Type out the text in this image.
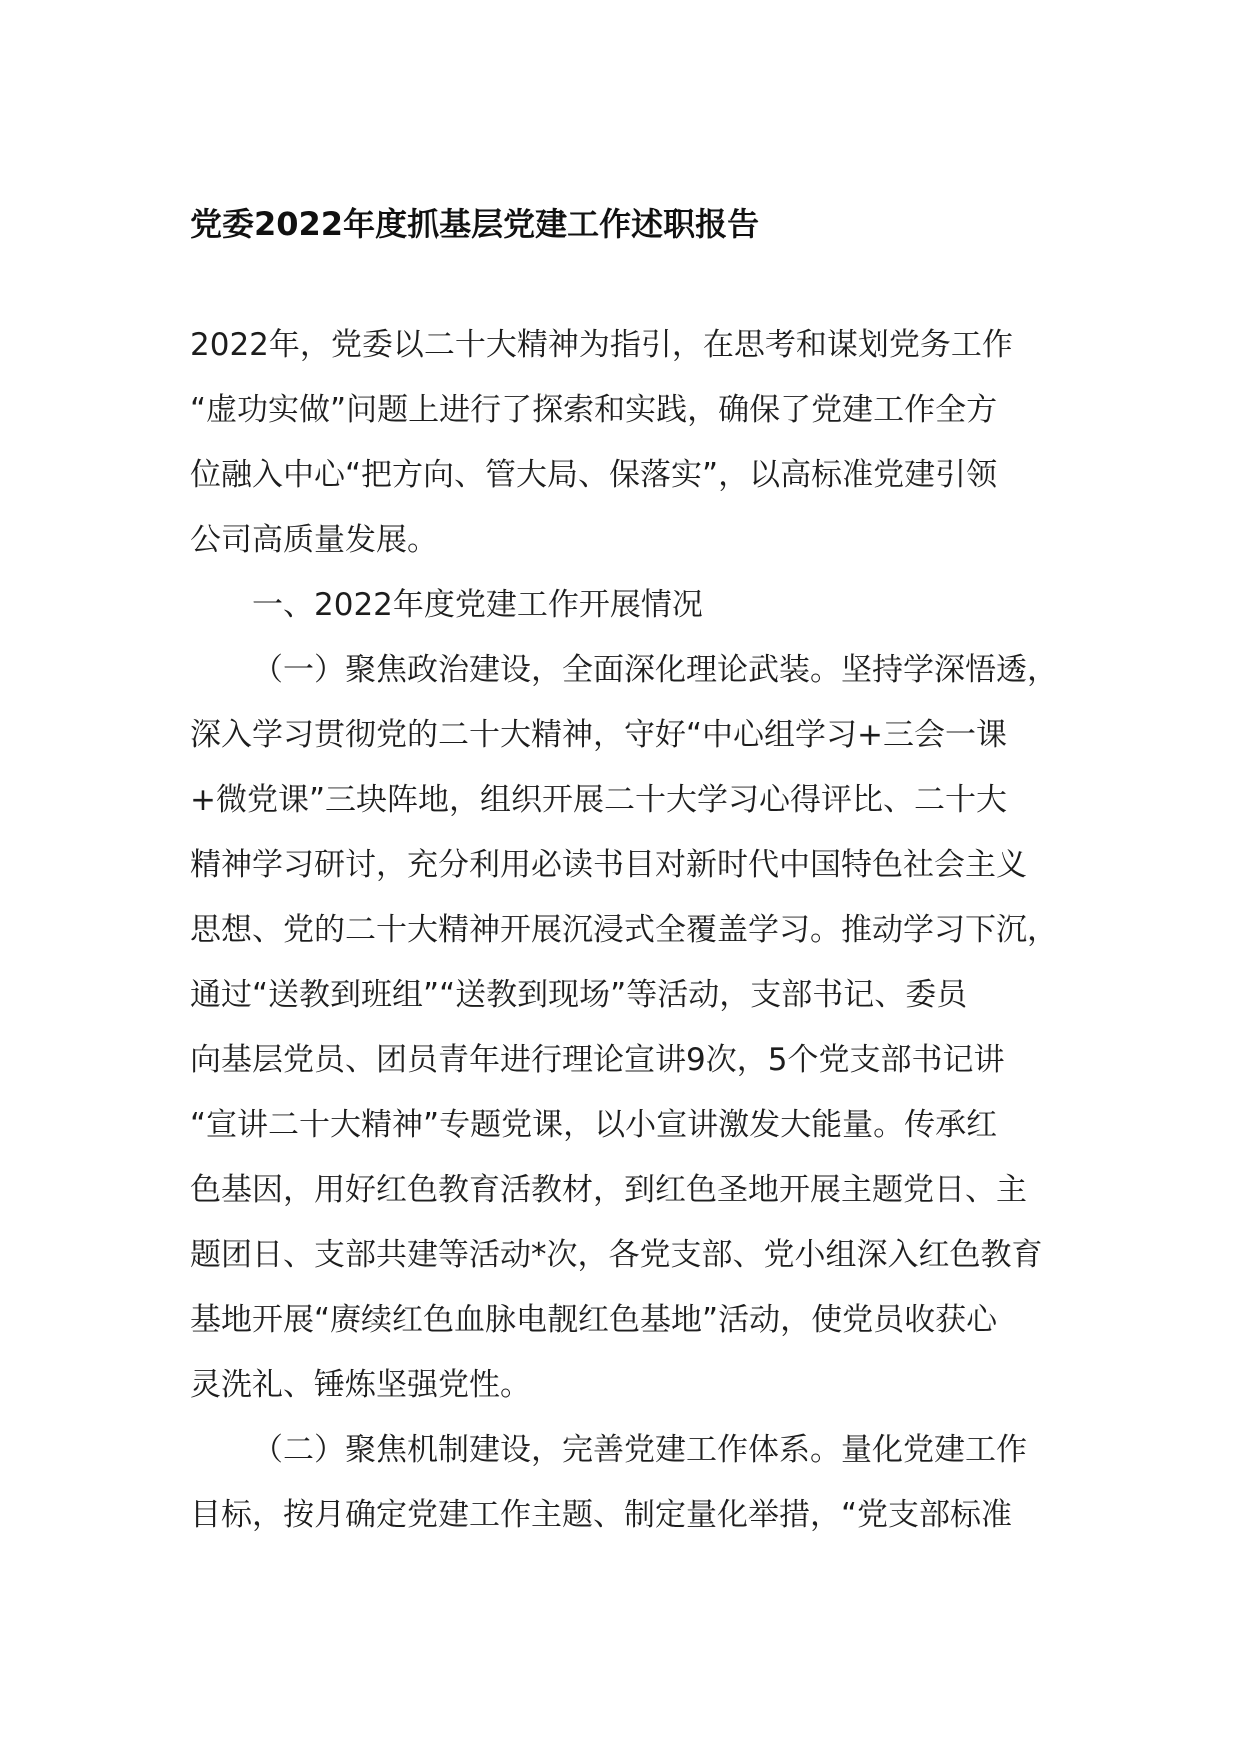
党委2022年度抓基层党建工作述职报告
2022年，党委以二十大精神为指引，在思考和谋划党务工作
“虚功实做”问题上进行了探索和实践，确保了党建工作全方
位融入中心“把方向、管大局、保落实”，以高标准党建引领
公司高质量发展。
一、2022年度党建工作开展情况
（一）聚焦政治建设，全面深化理论武装。坚持学深悟透，
深入学习贯彻党的二十大精神，守好“中心组学习+三会一课
+微党课”三块阵地，组织开展二十大学习心得评比、二十大
精神学习研讨，充分利用必读书目对新时代中国特色社会主义
思想、党的二十大精神开展沉浸式全覆盖学习。推动学习下沉，
通过“送教到班组”“送教到现场”等活动，支部书记、委员
向基层党员、团员青年进行理论宣讲9次，5个党支部书记讲
“宣讲二十大精神”专题党课，以小宣讲激发大能量。传承红
色基因，用好红色教育活教材，到红色圣地开展主题党日、主
题团日、支部共建等活动*次，各党支部、党小组深入红色教育
基地开展“赓续红色血脉电靓红色基地”活动，使党员收获心
灵洗礼、锤炼坚强党性。
（二）聚焦机制建设，完善党建工作体系。量化党建工作
目标，按月确定党建工作主题、制定量化举措，“党支部标准
